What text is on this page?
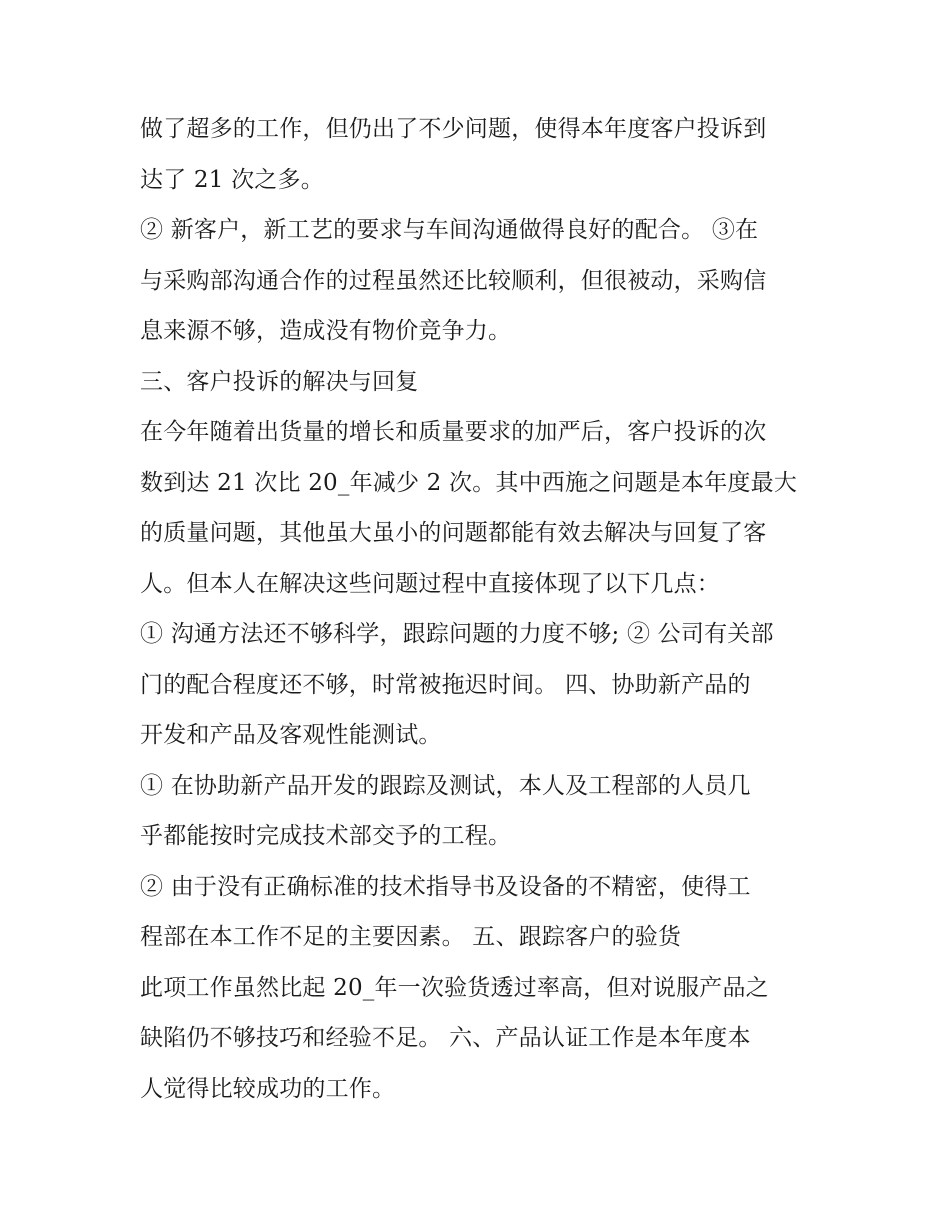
做了超多的工作，但仍出了不少问题，使得本年度客户投诉到
达了 21 次之多。
② 新客户，新工艺的要求与车间沟通做得良好的配合。 ③在
与采购部沟通合作的过程虽然还比较顺利，但很被动，采购信
息来源不够，造成没有物价竞争力。
三、客户投诉的解决与回复
在今年随着出货量的增长和质量要求的加严后，客户投诉的次
数到达 21 次比 20_年减少 2 次。其中西施之问题是本年度最大
的质量问题，其他虽大虽小的问题都能有效去解决与回复了客
人。但本人在解决这些问题过程中直接体现了以下几点：
① 沟通方法还不够科学，跟踪问题的力度不够; ② 公司有关部
门的配合程度还不够，时常被拖迟时间。 四、协助新产品的
开发和产品及客观性能测试。
① 在协助新产品开发的跟踪及测试，本人及工程部的人员几
乎都能按时完成技术部交予的工程。
② 由于没有正确标准的技术指导书及设备的不精密，使得工
程部在本工作不足的主要因素。 五、跟踪客户的验货
此项工作虽然比起 20_年一次验货透过率高，但对说服产品之
缺陷仍不够技巧和经验不足。 六、产品认证工作是本年度本
人觉得比较成功的工作。
